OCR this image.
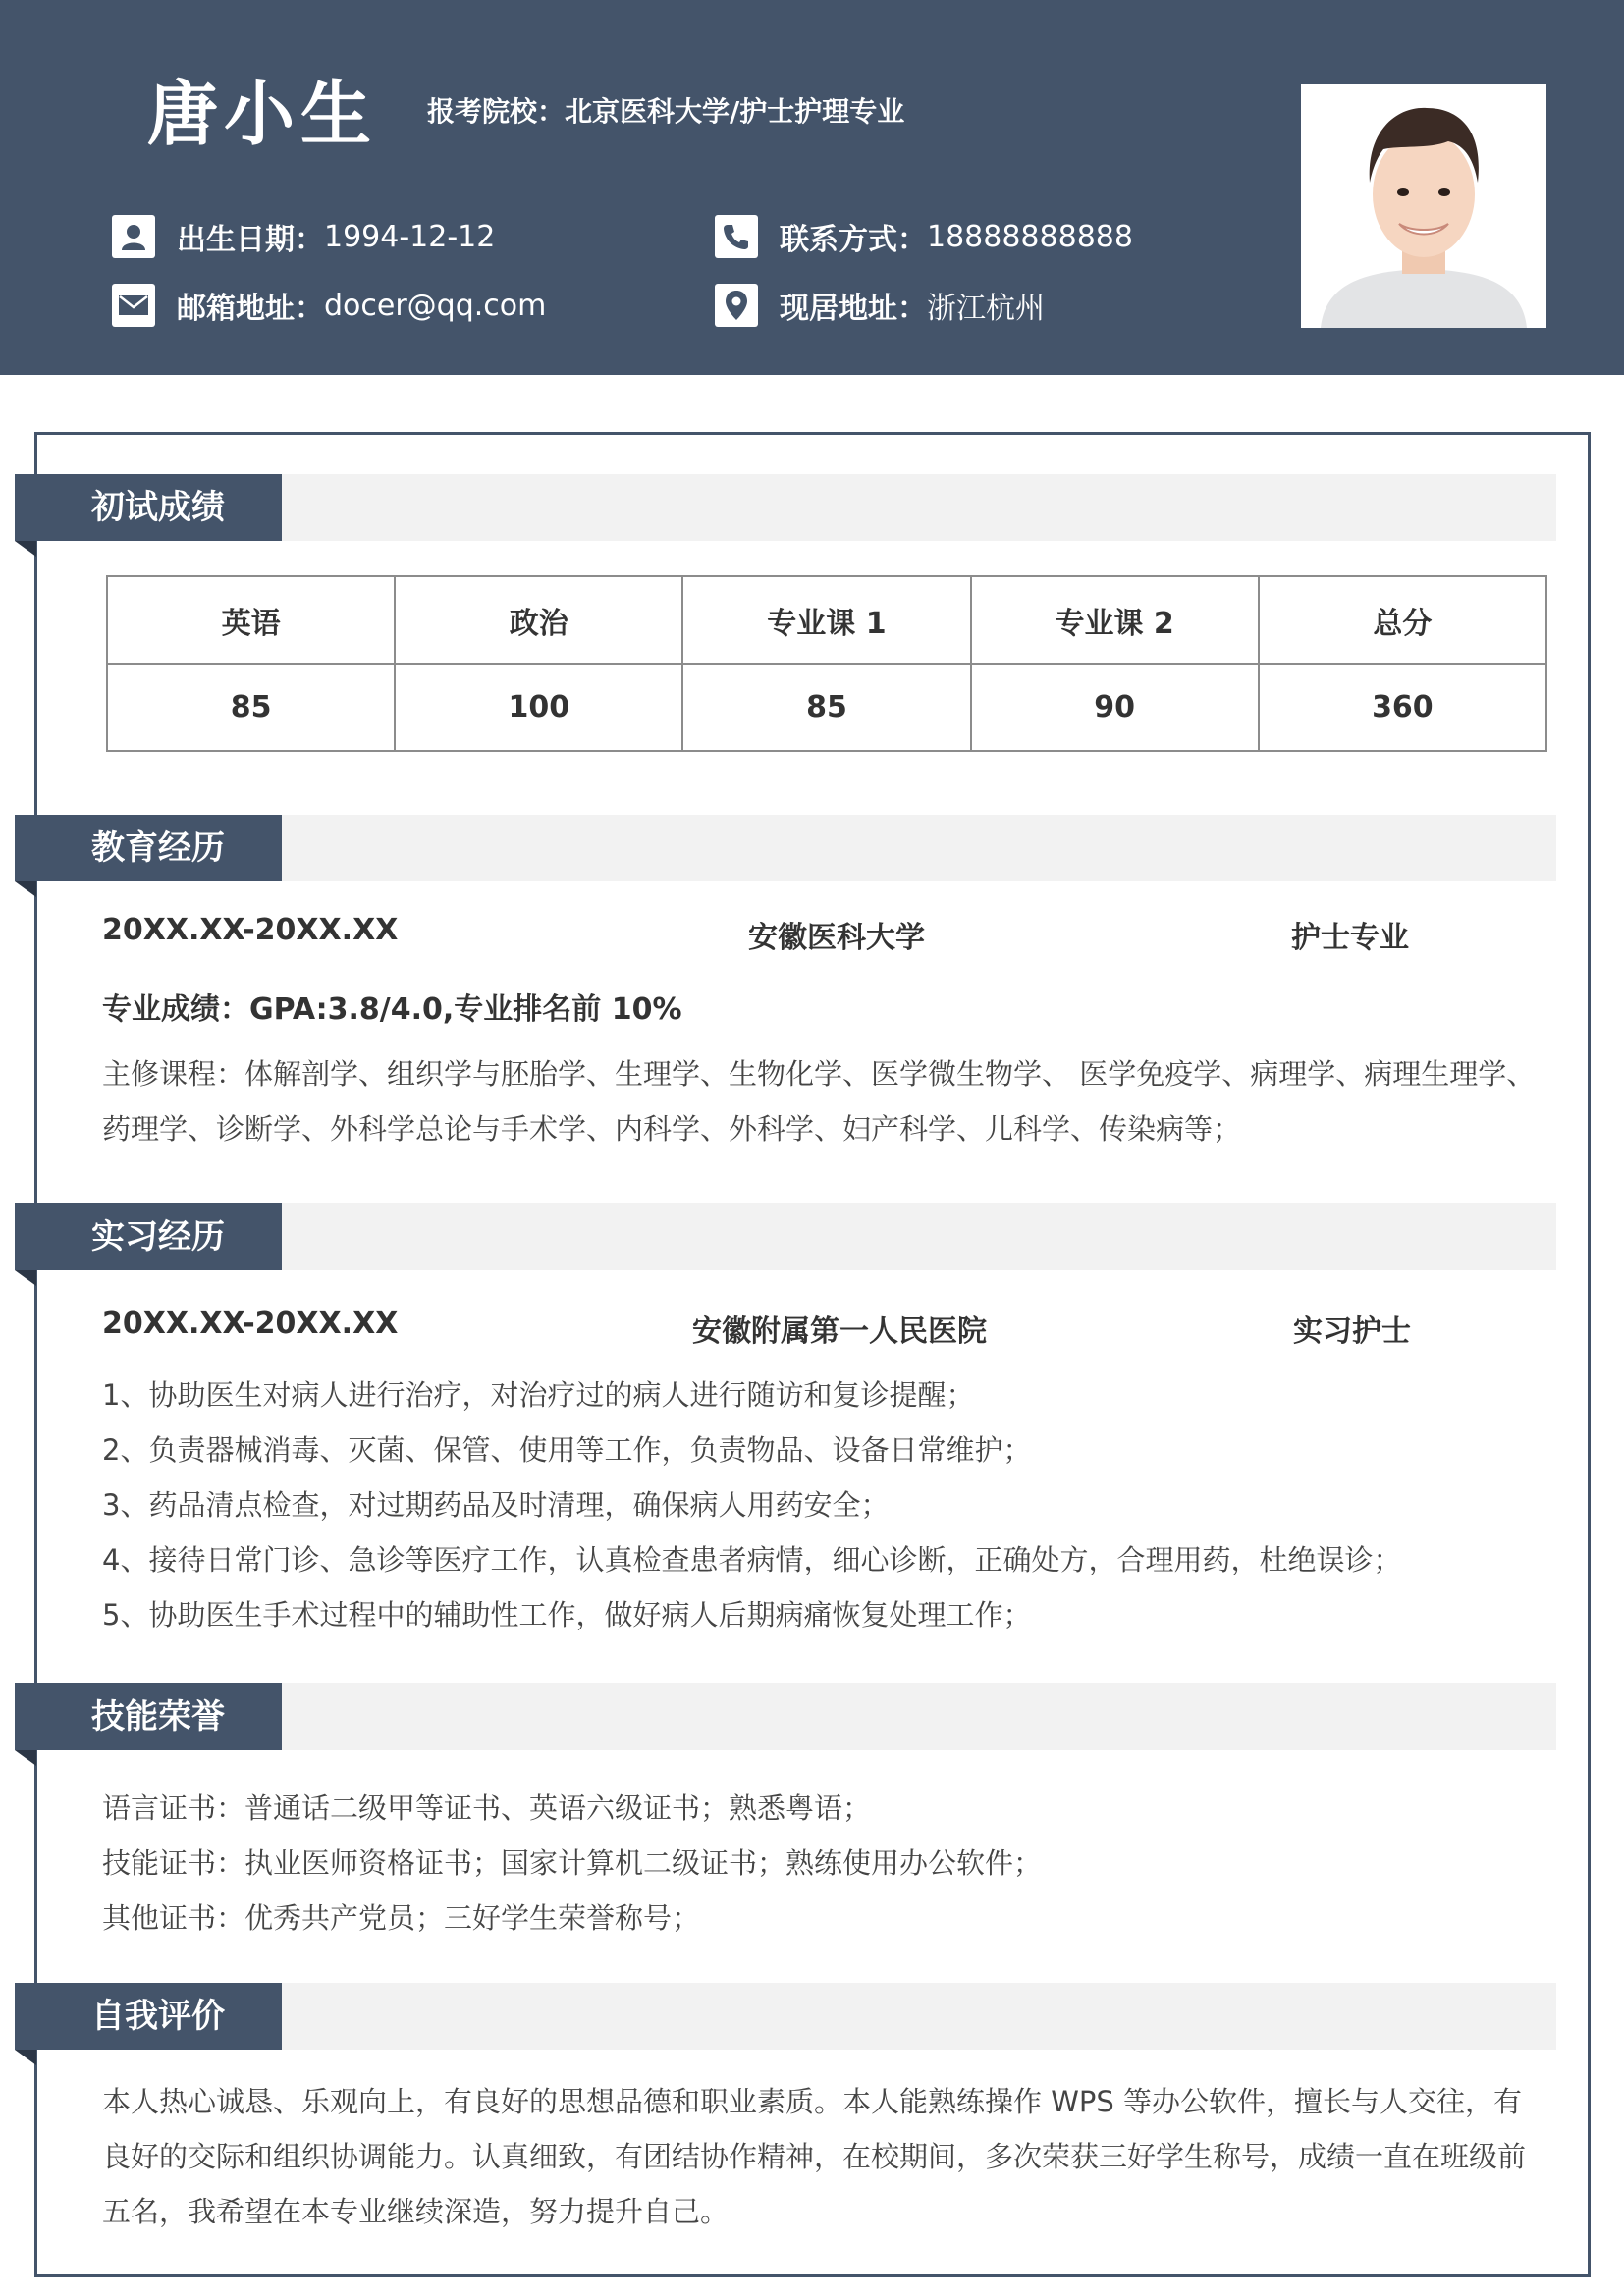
唐小生 报考院校：北京医科大学/护士护理专业
出生日期： 1994-12-12
邮箱地址： docer@qq.com
联系方式： 18888888888
现居地址： 浙江杭州
初试成绩
英语	政治	专业课 1	专业课 2	总分
85	100	85	90	360
教育经历
20XX.XX-20XX.XX	安徽医科大学	护士专业
专业成绩：GPA:3.8/4.0,专业排名前 10%
主修课程：体解剖学、组织学与胚胎学、生理学、生物化学、医学微生物学、 医学免疫学、病理学、病理生理学、药理学、诊断学、外科学总论与手术学、内科学、外科学、妇产科学、儿科学、传染病等；
实习经历
20XX.XX-20XX.XX	安徽附属第一人民医院	实习护士
1、协助医生对病人进行治疗，对治疗过的病人进行随访和复诊提醒；
2、负责器械消毒、灭菌、保管、使用等工作，负责物品、设备日常维护；
3、药品清点检查，对过期药品及时清理，确保病人用药安全；
4、接待日常门诊、急诊等医疗工作，认真检查患者病情，细心诊断，正确处方，合理用药，杜绝误诊；
5、协助医生手术过程中的辅助性工作，做好病人后期病痛恢复处理工作；
技能荣誉
语言证书：普通话二级甲等证书、英语六级证书；熟悉粤语；
技能证书：执业医师资格证书；国家计算机二级证书；熟练使用办公软件；
其他证书：优秀共产党员；三好学生荣誉称号；
自我评价
本人热心诚恳、乐观向上，有良好的思想品德和职业素质。本人能熟练操作 WPS 等办公软件，擅长与人交往，有良好的交际和组织协调能力。认真细致，有团结协作精神，在校期间，多次荣获三好学生称号，成绩一直在班级前五名，我希望在本专业继续深造，努力提升自己。
